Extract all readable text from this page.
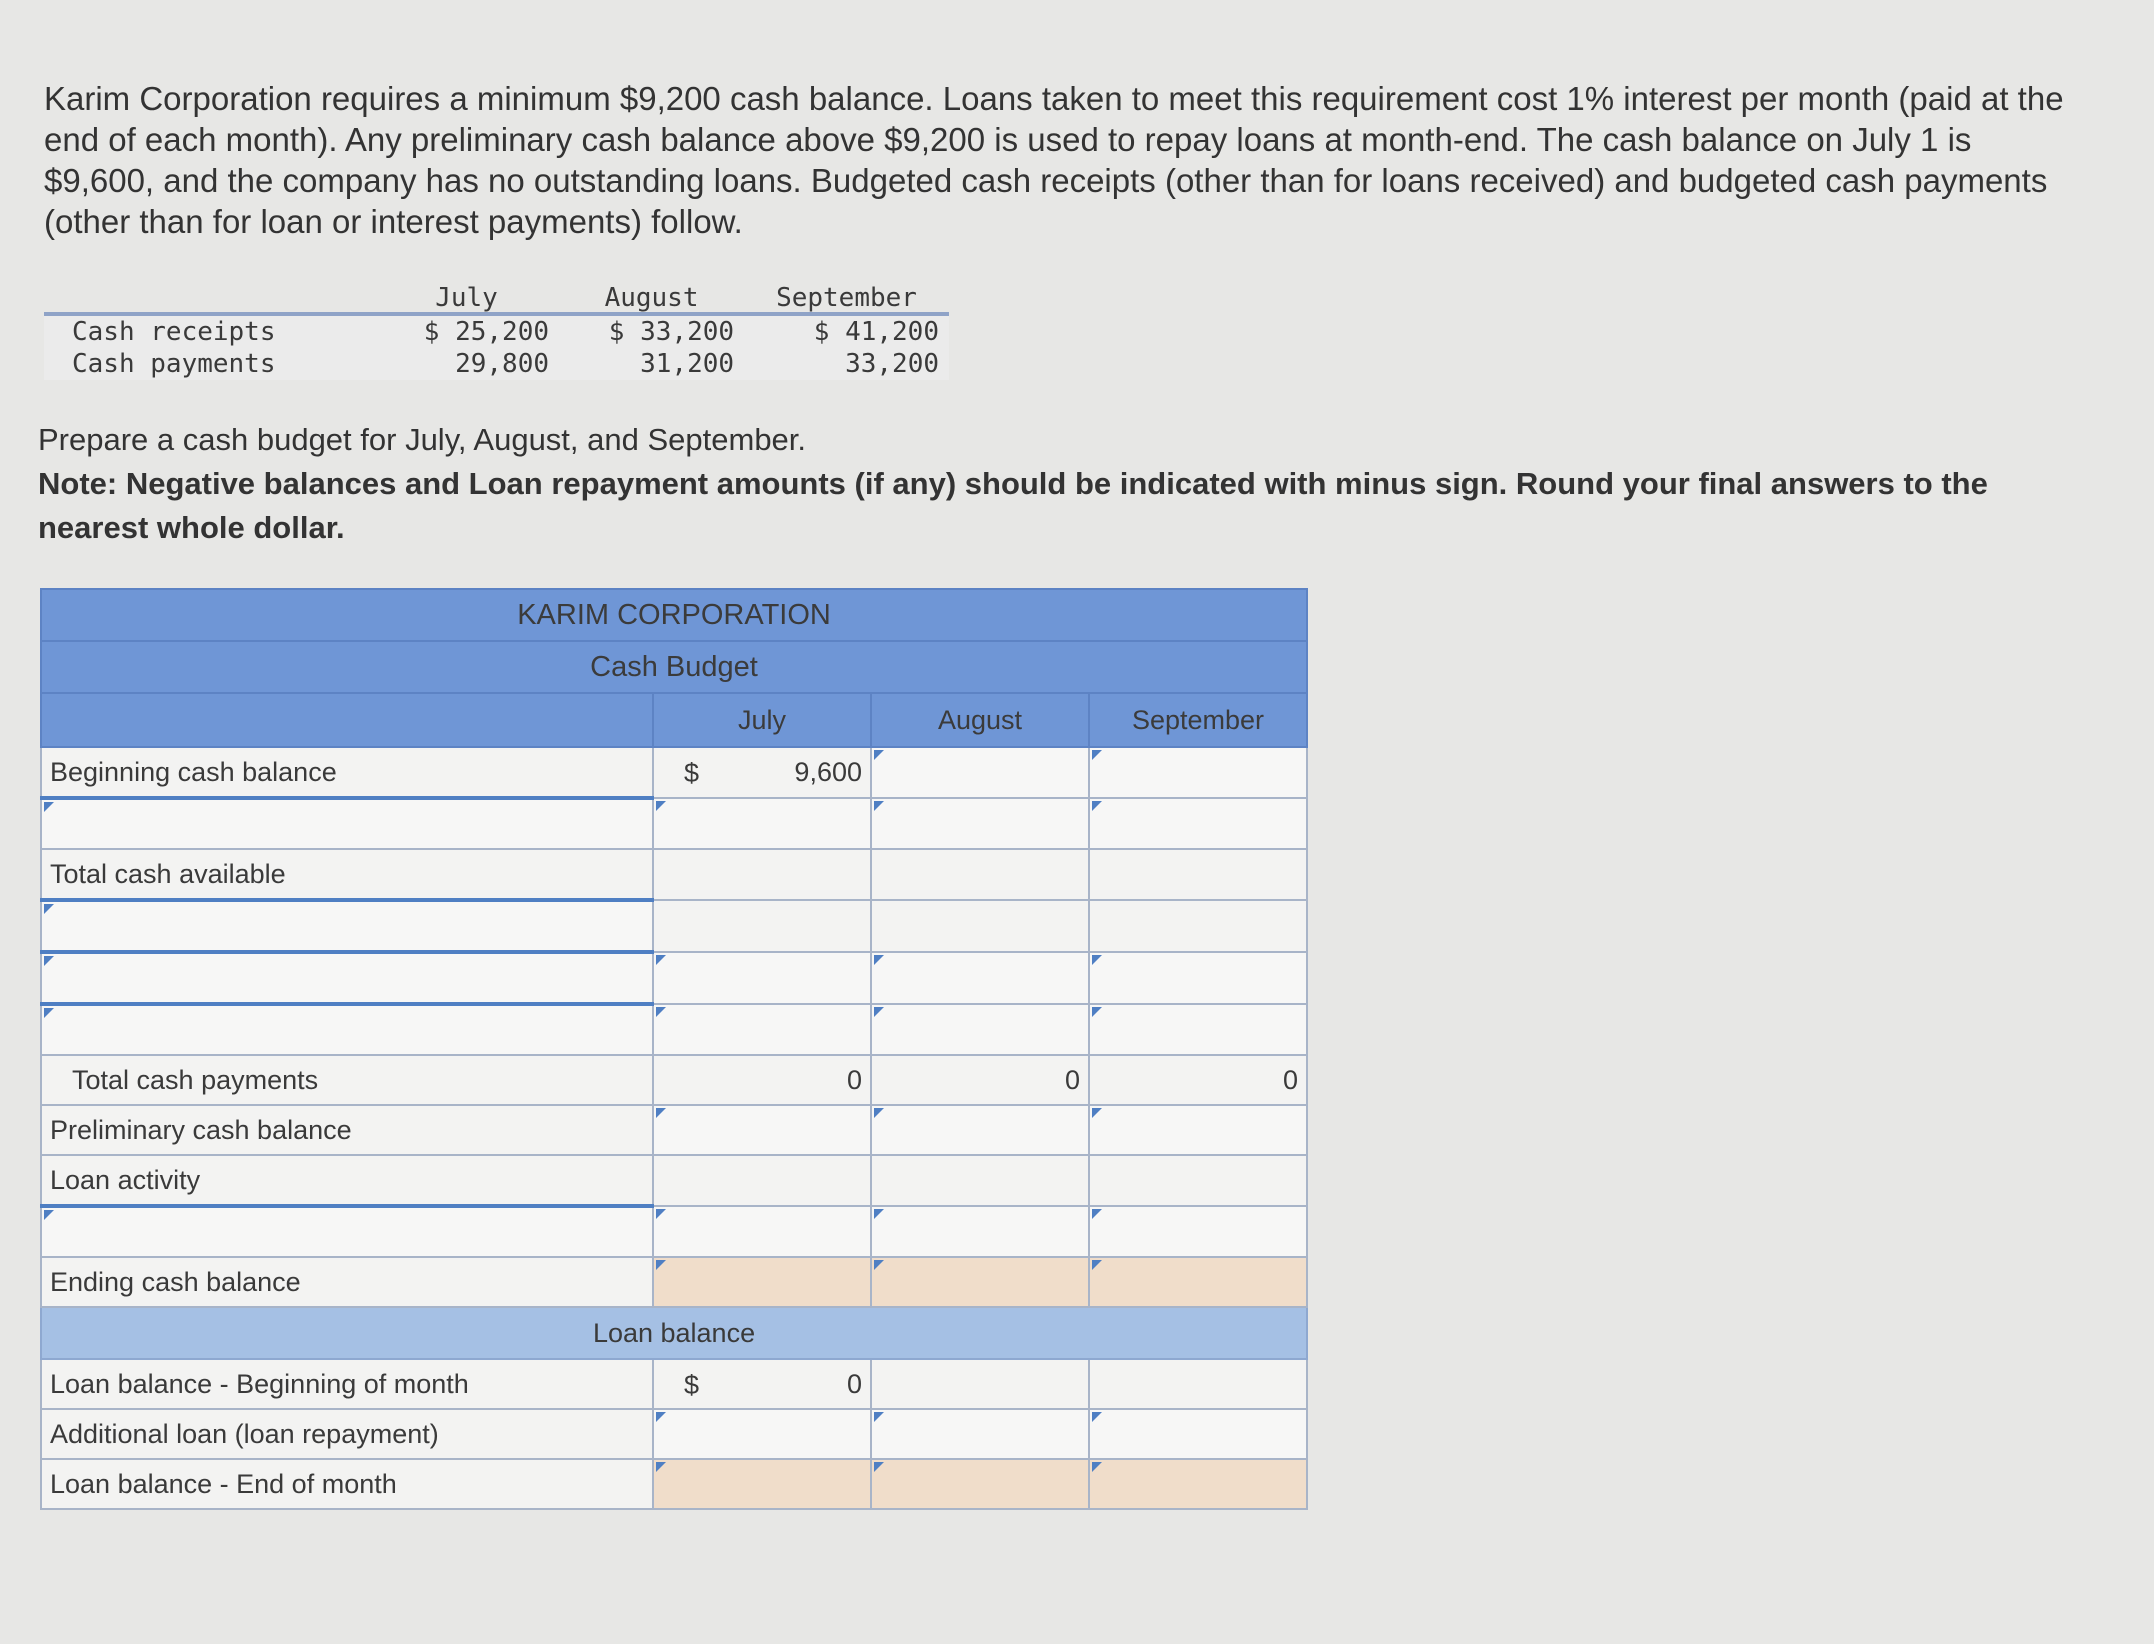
Karim Corporation requires a minimum $9,200 cash balance. Loans taken to meet this requirement cost 1% interest per month (paid at the end of each month). Any preliminary cash balance above $9,200 is used to repay loans at month-end. The cash balance on July 1 is $9,600, and the company has no outstanding loans. Budgeted cash receipts (other than for loans received) and budgeted cash payments (other than for loan or interest payments) follow.
	July	August	September
Cash receipts	$ 25,200	$ 33,200	$ 41,200
Cash payments	29,800	31,200	33,200
Prepare a cash budget for July, August, and September.
Note: Negative balances and Loan repayment amounts (if any) should be indicated with minus sign. Round your final answers to the nearest whole dollar.
KARIM CORPORATION			
Cash Budget			
	July	August	September
Beginning cash balance	$ 9,600		

Total cash available			

Total cash payments	0	0	0
Preliminary cash balance			
Loan activity			

Ending cash balance			
Loan balance			
Loan balance - Beginning of month	$ 0		
Additional loan (loan repayment)			
Loan balance - End of month			
